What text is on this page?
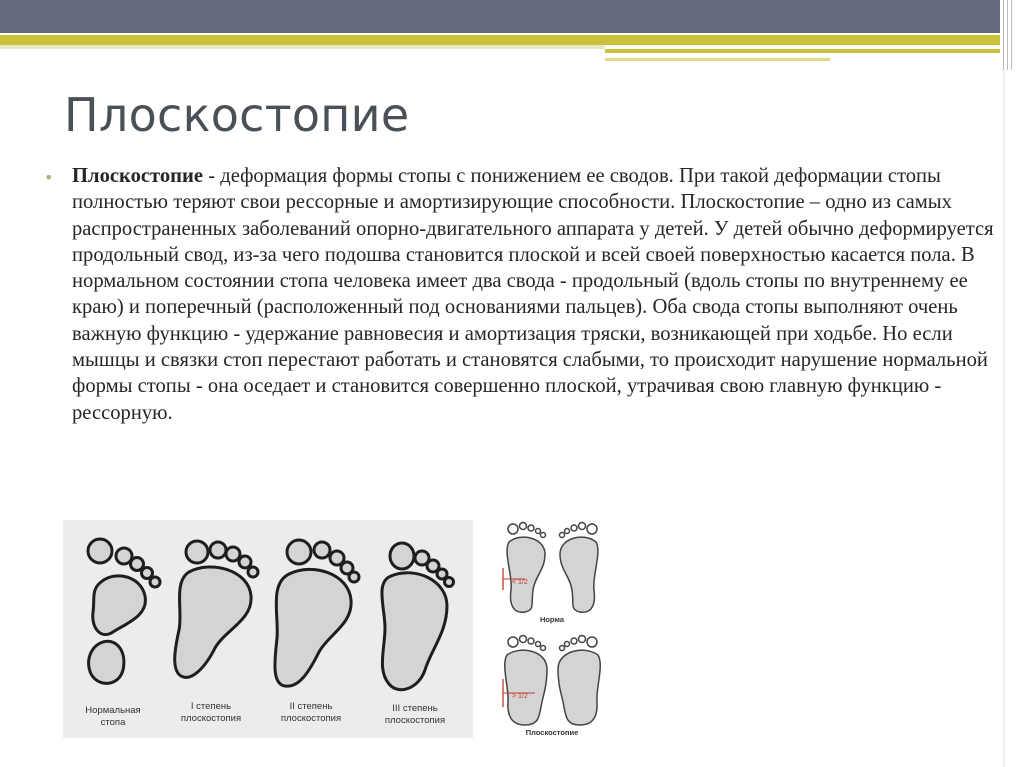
Плоскостопие
• Плоскостопие - деформация формы стопы с понижением ее сводов. При такой деформации стопы полностью теряют свои рессорные и амортизирующие способности. Плоскостопие – одно из самых распространенных заболеваний опорно-двигательного аппарата у детей. У детей обычно деформируется продольный свод, из-за чего подошва становится плоской и всей своей поверхностью касается пола. В нормальном состоянии стопа человека имеет два свода - продольный (вдоль стопы по внутреннему ее краю) и поперечный (расположенный под основаниями пальцев). Оба свода стопы выполняют очень важную функцию - удержание равновесия и амортизация тряски, возникающей при ходьбе. Но если мышцы и связки стоп перестают работать и становятся слабыми, то происходит нарушение нормальной формы стопы - она оседает и становится совершенно плоской, утрачивая свою главную функцию - рессорную.

Нормальная
стопа
I степень
плоскостопия
II степень
плоскостопия
III степень
плоскостопия
< 1/2
Норма
> 1/2
Плоскостопие
